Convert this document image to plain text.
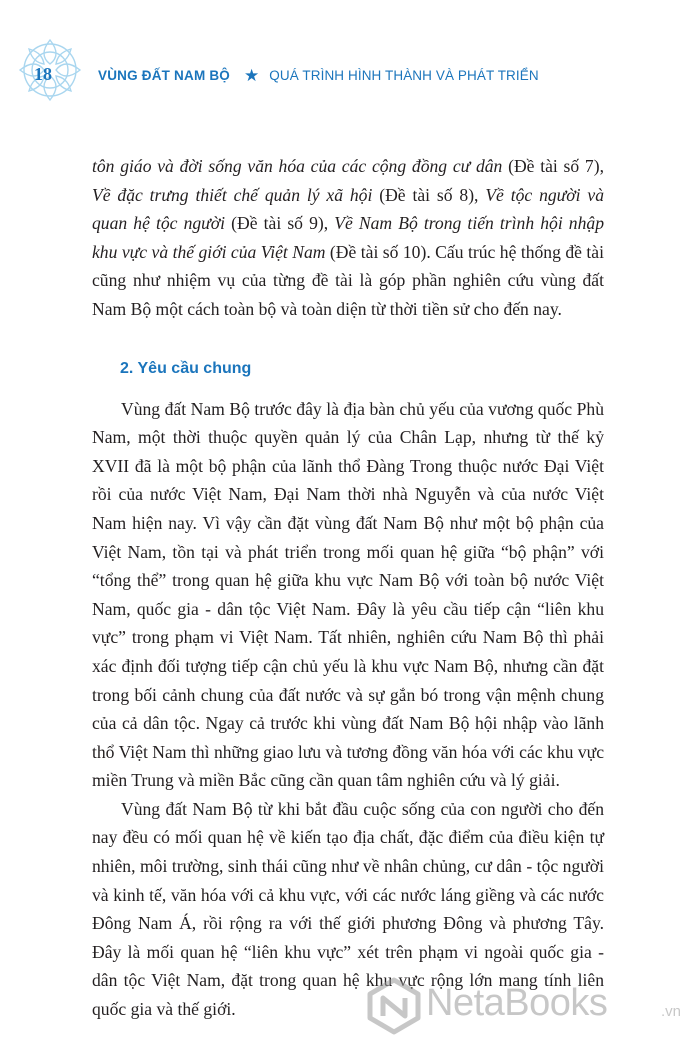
18	VÙNG ĐẤT NAM BỘ ★ QUÁ TRÌNH HÌNH THÀNH VÀ PHÁT TRIỂN

tôn giáo và đời sống văn hóa của các cộng đồng cư dân (Đề tài số 7), Về đặc trưng thiết chế quản lý xã hội (Đề tài số 8), Về tộc người và quan hệ tộc người (Đề tài số 9), Về Nam Bộ trong tiến trình hội nhập khu vực và thế giới của Việt Nam (Đề tài số 10). Cấu trúc hệ thống đề tài cũng như nhiệm vụ của từng đề tài là góp phần nghiên cứu vùng đất Nam Bộ một cách toàn bộ và toàn diện từ thời tiền sử cho đến nay.

2. Yêu cầu chung

Vùng đất Nam Bộ trước đây là địa bàn chủ yếu của vương quốc Phù Nam, một thời thuộc quyền quản lý của Chân Lạp, nhưng từ thế kỷ XVII đã là một bộ phận của lãnh thổ Đàng Trong thuộc nước Đại Việt rồi của nước Việt Nam, Đại Nam thời nhà Nguyễn và của nước Việt Nam hiện nay. Vì vậy cần đặt vùng đất Nam Bộ như một bộ phận của Việt Nam, tồn tại và phát triển trong mối quan hệ giữa “bộ phận” với “tổng thể” trong quan hệ giữa khu vực Nam Bộ với toàn bộ nước Việt Nam, quốc gia - dân tộc Việt Nam. Đây là yêu cầu tiếp cận “liên khu vực” trong phạm vi Việt Nam. Tất nhiên, nghiên cứu Nam Bộ thì phải xác định đối tượng tiếp cận chủ yếu là khu vực Nam Bộ, nhưng cần đặt trong bối cảnh chung của đất nước và sự gắn bó trong vận mệnh chung của cả dân tộc. Ngay cả trước khi vùng đất Nam Bộ hội nhập vào lãnh thổ Việt Nam thì những giao lưu và tương đồng văn hóa với các khu vực miền Trung và miền Bắc cũng cần quan tâm nghiên cứu và lý giải.

Vùng đất Nam Bộ từ khi bắt đầu cuộc sống của con người cho đến nay đều có mối quan hệ về kiến tạo địa chất, đặc điểm của điều kiện tự nhiên, môi trường, sinh thái cũng như về nhân chủng, cư dân - tộc người và kinh tế, văn hóa với cả khu vực, với các nước láng giềng và các nước Đông Nam Á, rồi rộng ra với thế giới phương Đông và phương Tây. Đây là mối quan hệ “liên khu vực” xét trên phạm vi ngoài quốc gia - dân tộc Việt Nam, đặt trong quan hệ khu vực rộng lớn mang tính liên quốc gia và thế giới.	NetaBooks	.vn
